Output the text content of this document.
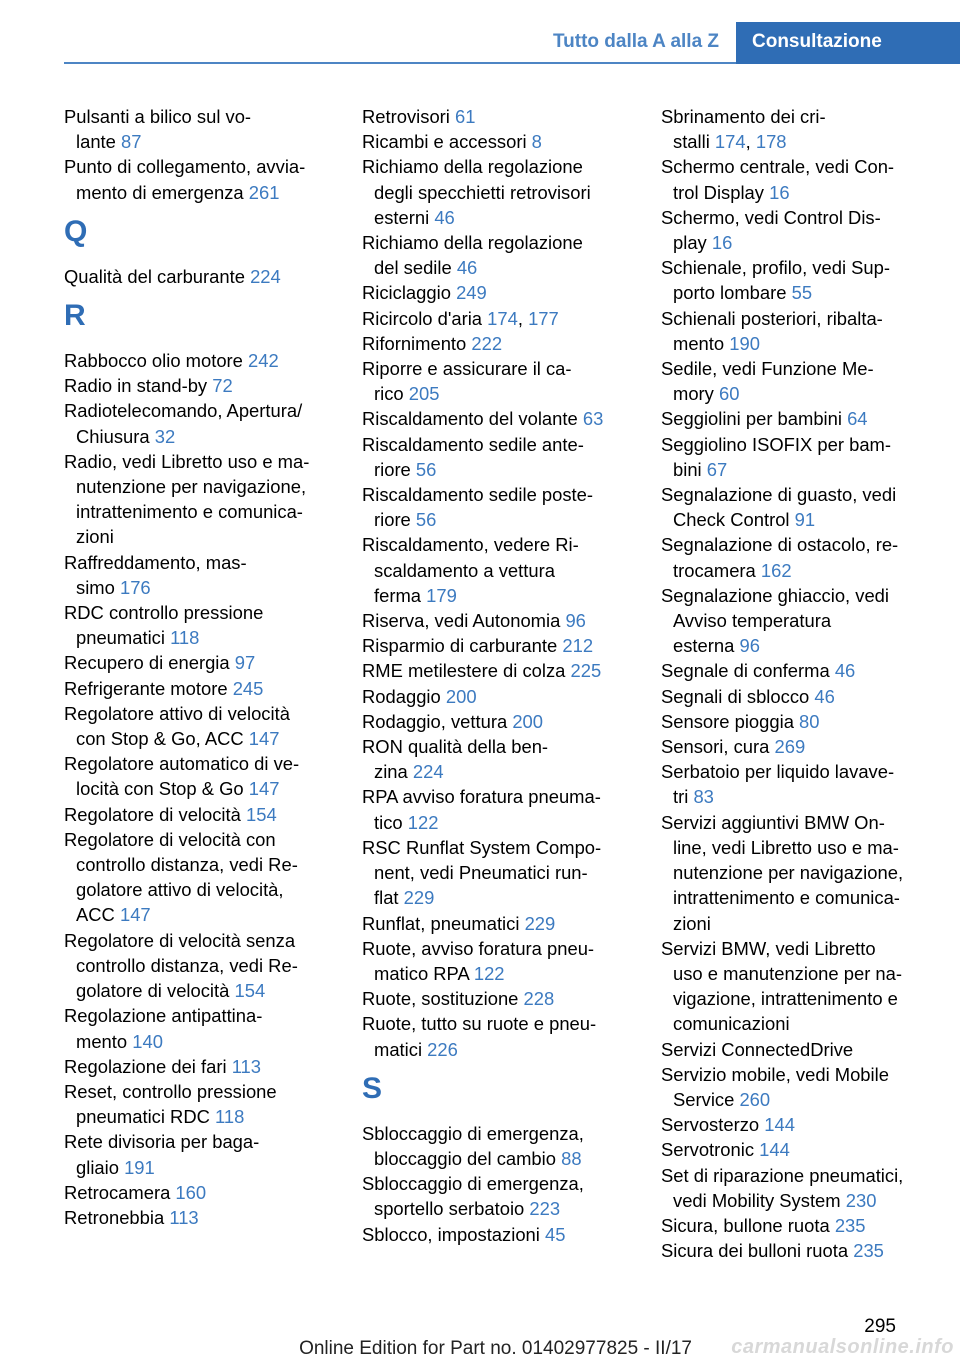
Tutto dalla A alla Z	Consultazione
Pulsanti a bilico sul vo‐
lante 87
Punto di collegamento, avvia‐
mento di emergenza 261
Q
Qualità del carburante 224
R
Rabbocco olio motore 242
Radio in stand-by 72
Radiotelecomando, Apertura/
Chiusura 32
Radio, vedi Libretto uso e ma‐
nutenzione per navigazione,
intrattenimento e comunica‐
zioni
Raffreddamento, mas‐
simo 176
RDC controllo pressione
pneumatici 118
Recupero di energia 97
Refrigerante motore 245
Regolatore attivo di velocità
con Stop & Go, ACC 147
Regolatore automatico di ve‐
locità con Stop & Go 147
Regolatore di velocità 154
Regolatore di velocità con
controllo distanza, vedi Re‐
golatore attivo di velocità,
ACC 147
Regolatore di velocità senza
controllo distanza, vedi Re‐
golatore di velocità 154
Regolazione antipattina‐
mento 140
Regolazione dei fari 113
Reset, controllo pressione
pneumatici RDC 118
Rete divisoria per baga‐
gliaio 191
Retrocamera 160
Retronebbia 113
Retrovisori 61
Ricambi e accessori 8
Richiamo della regolazione
degli specchietti retrovisori
esterni 46
Richiamo della regolazione
del sedile 46
Riciclaggio 249
Ricircolo d'aria 174, 177
Rifornimento 222
Riporre e assicurare il ca‐
rico 205
Riscaldamento del volante 63
Riscaldamento sedile ante‐
riore 56
Riscaldamento sedile poste‐
riore 56
Riscaldamento, vedere Ri‐
scaldamento a vettura
ferma 179
Riserva, vedi Autonomia 96
Risparmio di carburante 212
RME metilestere di colza 225
Rodaggio 200
Rodaggio, vettura 200
RON qualità della ben‐
zina 224
RPA avviso foratura pneuma‐
tico 122
RSC Runflat System Compo‐
nent, vedi Pneumatici run‐
flat 229
Runflat, pneumatici 229
Ruote, avviso foratura pneu‐
matico RPA 122
Ruote, sostituzione 228
Ruote, tutto su ruote e pneu‐
matici 226
S
Sbloccaggio di emergenza,
bloccaggio del cambio 88
Sbloccaggio di emergenza,
sportello serbatoio 223
Sblocco, impostazioni 45
Sbrinamento dei cri‐
stalli 174, 178
Schermo centrale, vedi Con‐
trol Display 16
Schermo, vedi Control Dis‐
play 16
Schienale, profilo, vedi Sup‐
porto lombare 55
Schienali posteriori, ribalta‐
mento 190
Sedile, vedi Funzione Me‐
mory 60
Seggiolini per bambini 64
Seggiolino ISOFIX per bam‐
bini 67
Segnalazione di guasto, vedi
Check Control 91
Segnalazione di ostacolo, re‐
trocamera 162
Segnalazione ghiaccio, vedi
Avviso temperatura
esterna 96
Segnale di conferma 46
Segnali di sblocco 46
Sensore pioggia 80
Sensori, cura 269
Serbatoio per liquido lavave‐
tri 83
Servizi aggiuntivi BMW On‐
line, vedi Libretto uso e ma‐
nutenzione per navigazione,
intrattenimento e comunica‐
zioni
Servizi BMW, vedi Libretto
uso e manutenzione per na‐
vigazione, intrattenimento e
comunicazioni
Servizi ConnectedDrive
Servizio mobile, vedi Mobile
Service 260
Servosterzo 144
Servotronic 144
Set di riparazione pneumatici,
vedi Mobility System 230
Sicura, bullone ruota 235
Sicura dei bulloni ruota 235
295
Online Edition for Part no. 01402977825 - II/17 carmanualsonline.info
